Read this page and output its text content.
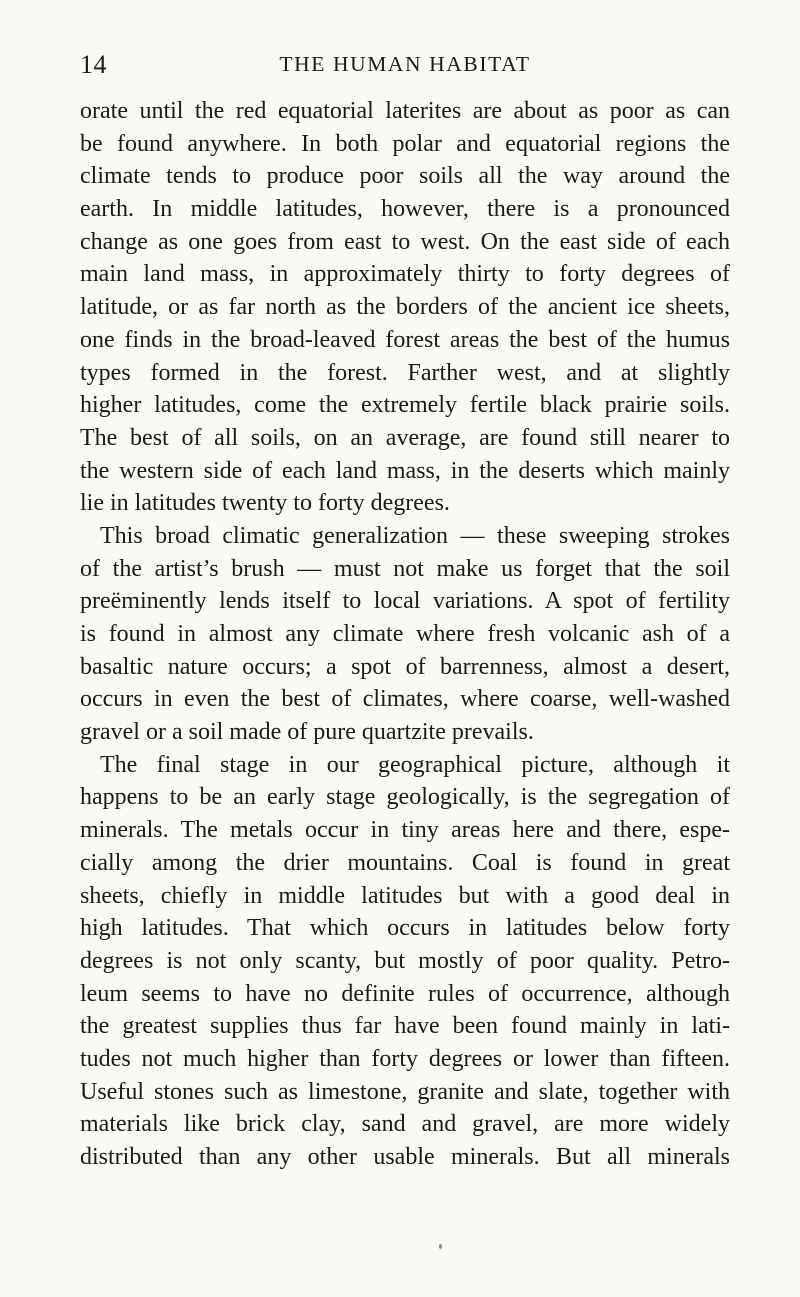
14	THE HUMAN HABITAT
orate until the red equatorial laterites are about as poor as can
be found anywhere. In both polar and equatorial regions the
climate tends to produce poor soils all the way around the
earth. In middle latitudes, however, there is a pronounced
change as one goes from east to west. On the east side of each
main land mass, in approximately thirty to forty degrees of
latitude, or as far north as the borders of the ancient ice sheets,
one finds in the broad-leaved forest areas the best of the humus
types formed in the forest. Farther west, and at slightly
higher latitudes, come the extremely fertile black prairie soils.
The best of all soils, on an average, are found still nearer to
the western side of each land mass, in the deserts which mainly
lie in latitudes twenty to forty degrees.
This broad climatic generalization — these sweeping strokes
of the artist’s brush — must not make us forget that the soil
preëminently lends itself to local variations. A spot of fertility
is found in almost any climate where fresh volcanic ash of a
basaltic nature occurs; a spot of barrenness, almost a desert,
occurs in even the best of climates, where coarse, well-washed
gravel or a soil made of pure quartzite prevails.
The final stage in our geographical picture, although it
happens to be an early stage geologically, is the segregation of
minerals. The metals occur in tiny areas here and there, espe-
cially among the drier mountains. Coal is found in great
sheets, chiefly in middle latitudes but with a good deal in
high latitudes. That which occurs in latitudes below forty
degrees is not only scanty, but mostly of poor quality. Petro-
leum seems to have no definite rules of occurrence, although
the greatest supplies thus far have been found mainly in lati-
tudes not much higher than forty degrees or lower than fifteen.
Useful stones such as limestone, granite and slate, together with
materials like brick clay, sand and gravel, are more widely
distributed than any other usable minerals. But all minerals
